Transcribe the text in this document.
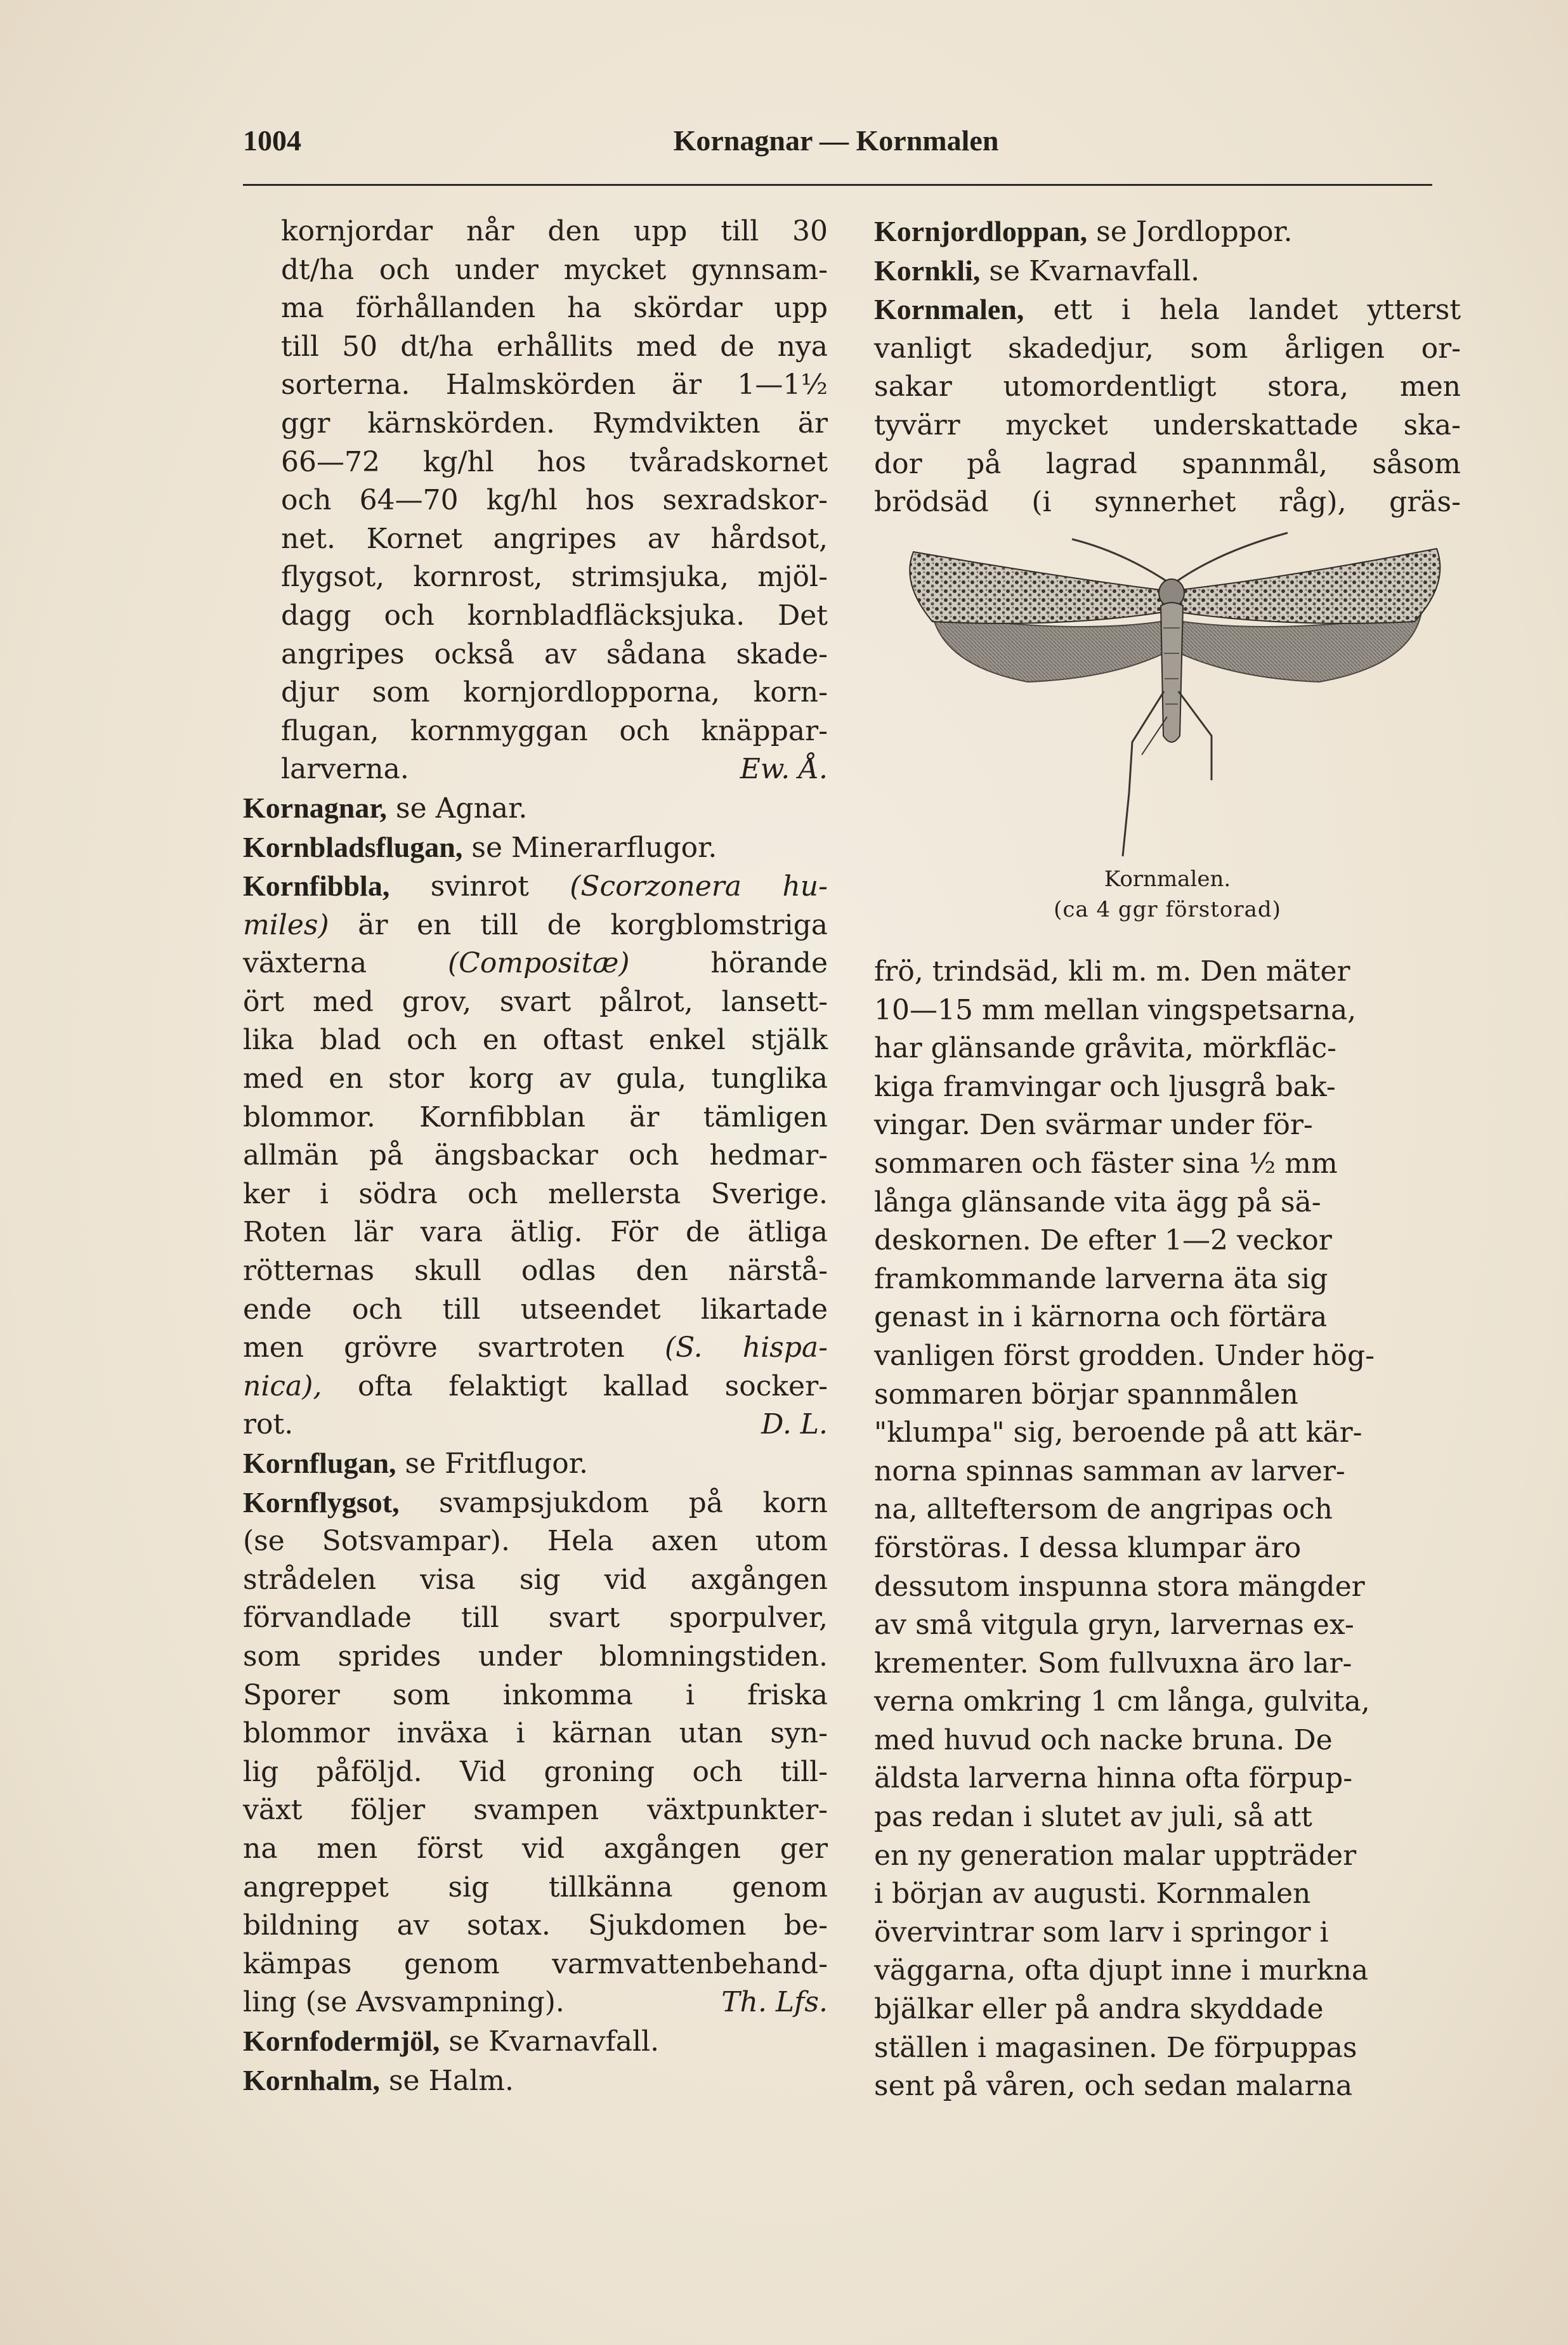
1004	Kornagnar — Kornmalen
kornjordar når den upp till 30
dt/ha och under mycket gynnsam-
ma förhållanden ha skördar upp
till 50 dt/ha erhållits med de nya
sorterna. Halmskörden är 1—1½
ggr kärnskörden. Rymdvikten är
66—72 kg/hl hos tvåradskornet
och 64—70 kg/hl hos sexradskor-
net. Kornet angripes av hårdsot,
flygsot, kornrost, strimsjuka, mjöl-
dagg och kornbladfläcksjuka. Det
angripes också av sådana skade-
djur som kornjordlopporna, korn-
flugan, kornmyggan och knäppar-
larverna.	Ew. Å.

Kornagnar, se Agnar.

Kornbladsflugan, se Minerarflugor.

Kornfibbla, svinrot (Scorzonera hu-
miles) är en till de korgblomstriga
växterna (Compositæ) hörande
ört med grov, svart pålrot, lansett-
lika blad och en oftast enkel stjälk
med en stor korg av gula, tunglika
blommor. Kornfibblan är tämligen
allmän på ängsbackar och hedmar-
ker i södra och mellersta Sverige.
Roten lär vara ätlig. För de ätliga
rötternas skull odlas den närstå-
ende och till utseendet likartade
men grövre svartroten (S. hispa-
nica), ofta felaktigt kallad socker-
rot.	D. L.

Kornflugan, se Fritflugor.

Kornflygsot, svampsjukdom på korn
(se Sotsvampar). Hela axen utom
strådelen visa sig vid axgången
förvandlade till svart sporpulver,
som sprides under blomningstiden.
Sporer som inkomma i friska
blommor inväxa i kärnan utan syn-
lig påföljd. Vid groning och till-
växt följer svampen växtpunkter-
na men först vid axgången ger
angreppet sig tillkänna genom
bildning av sotax. Sjukdomen be-
kämpas genom varmvattenbehand-
ling (se Avsvampning).	Th. Lfs.

Kornfodermjöl, se Kvarnavfall.

Kornhalm, se Halm.

Kornjordloppan, se Jordloppor.

Kornkli, se Kvarnavfall.

Kornmalen, ett i hela landet ytterst
vanligt skadedjur, som årligen or-
sakar utomordentligt stora, men
tyvärr mycket underskattade ska-
dor på lagrad spannmål, såsom
brödsäd (i synnerhet råg), gräs-
Kornmalen.
(ca 4 ggr förstorad)
frö, trindsäd, kli m. m. Den mäter
10—15 mm mellan vingspetsarna,
har glänsande gråvita, mörkfläc-
kiga framvingar och ljusgrå bak-
vingar. Den svärmar under för-
sommaren och fäster sina ½ mm
långa glänsande vita ägg på sä-
deskornen. De efter 1—2 veckor
framkommande larverna äta sig
genast in i kärnorna och förtära
vanligen först grodden. Under hög-
sommaren börjar spannmålen
"klumpa" sig, beroende på att kär-
norna spinnas samman av larver-
na, allteftersom de angripas och
förstöras. I dessa klumpar äro
dessutom inspunna stora mängder
av små vitgula gryn, larvernas ex-
krementer. Som fullvuxna äro lar-
verna omkring 1 cm långa, gulvita,
med huvud och nacke bruna. De
äldsta larverna hinna ofta förpup-
pas redan i slutet av juli, så att
en ny generation malar uppträder
i början av augusti. Kornmalen
övervintrar som larv i springor i
väggarna, ofta djupt inne i murkna
bjälkar eller på andra skyddade
ställen i magasinen. De förpuppas
sent på våren, och sedan malarna
